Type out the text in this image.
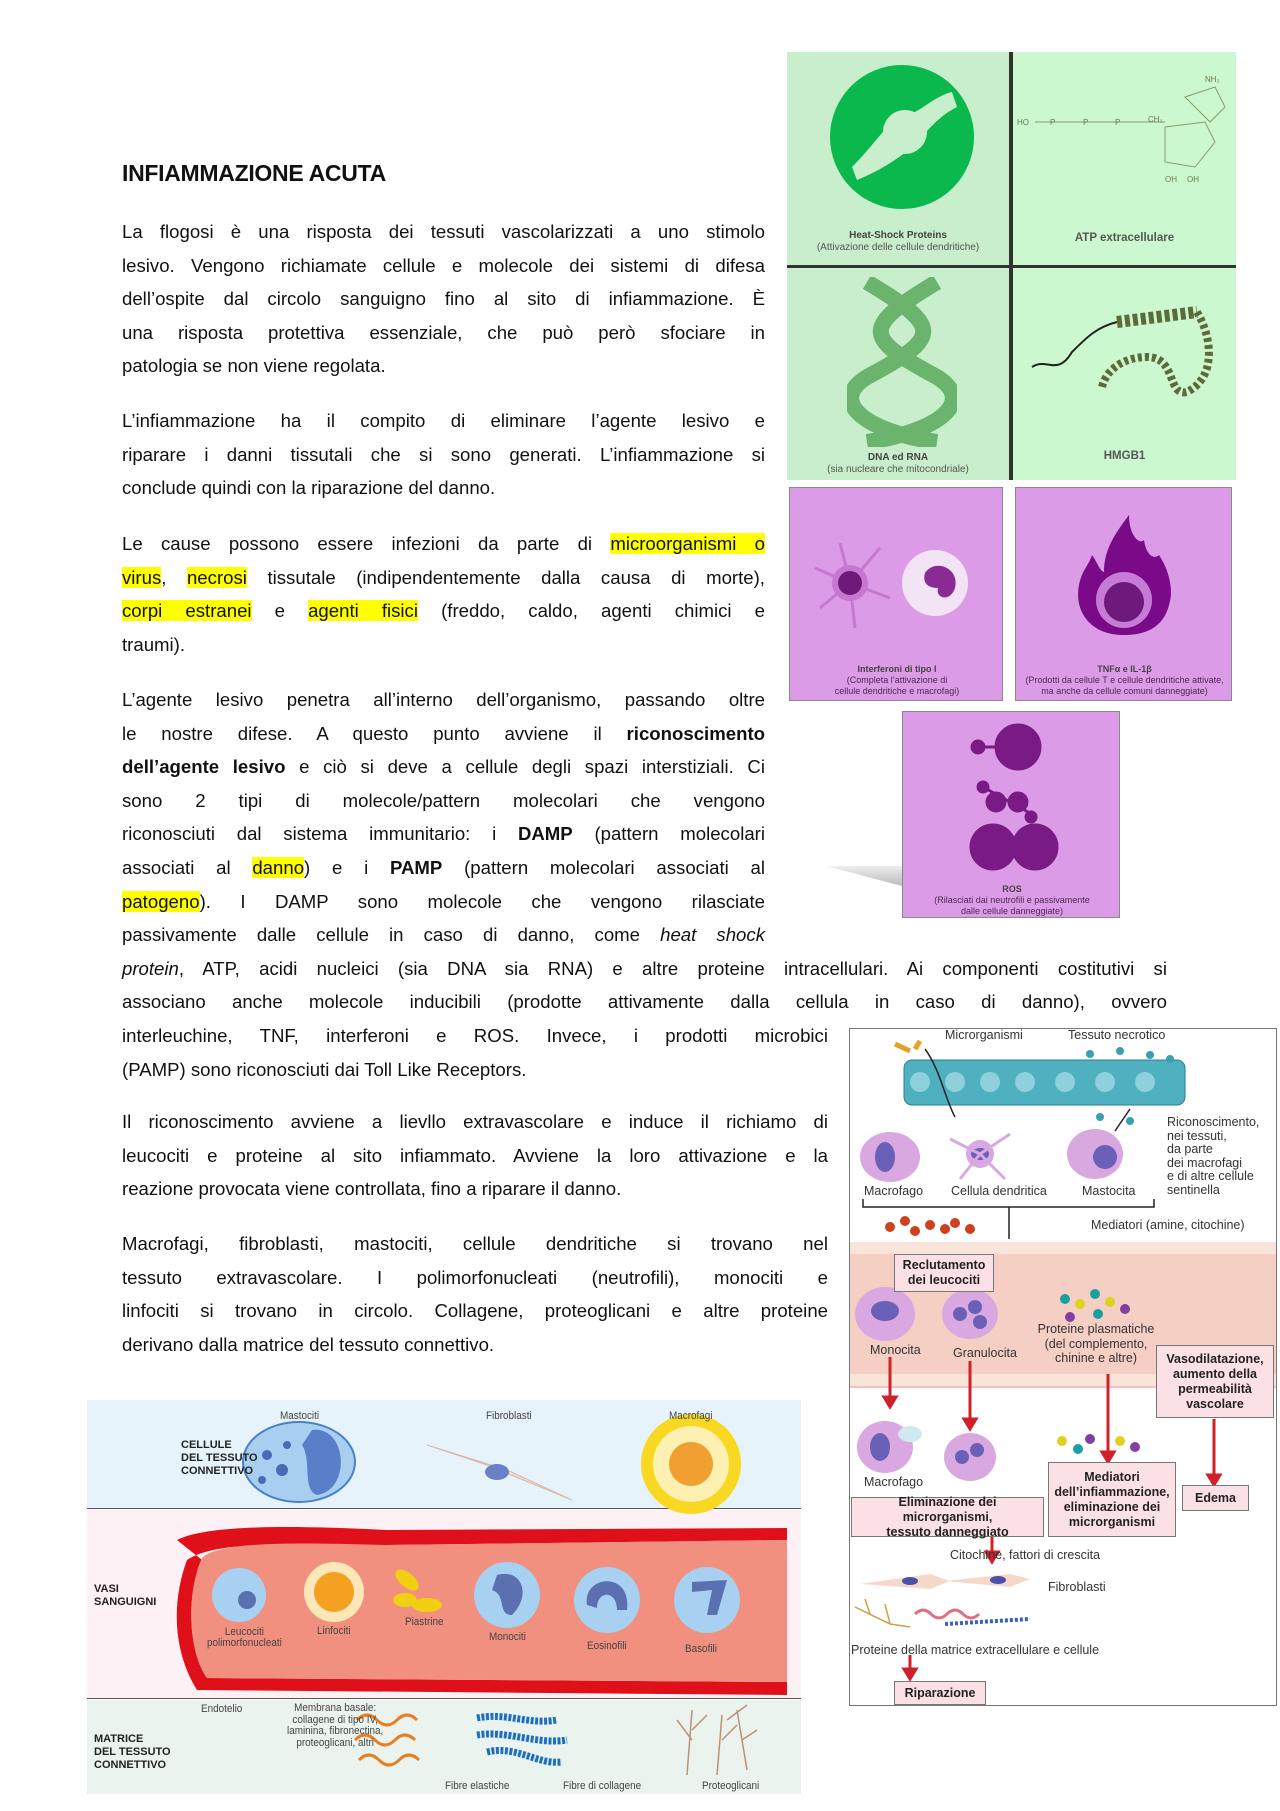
INFIAMMAZIONE ACUTA
La flogosi è una risposta dei tessuti vascolarizzati a uno stimolo
lesivo. Vengono richiamate cellule e molecole dei sistemi di difesa
dell’ospite dal circolo sanguigno fino al sito di infiammazione. È
una risposta protettiva essenziale, che può però sfociare in
patologia se non viene regolata.
L’infiammazione ha il compito di eliminare l’agente lesivo e
riparare i danni tissutali che si sono generati. L’infiammazione si
conclude quindi con la riparazione del danno.
Le cause possono essere infezioni da parte di microorganismi o
virus, necrosi tissutale (indipendentemente dalla causa di morte),
corpi estranei e agenti fisici (freddo, caldo, agenti chimici e
traumi).
L’agente lesivo penetra all’interno dell’organismo, passando oltre
le nostre difese. A questo punto avviene il riconoscimento
dell’agente lesivo e ciò si deve a cellule degli spazi interstiziali. Ci
sono 2 tipi di molecole/pattern molecolari che vengono
riconosciuti dal sistema immunitario: i DAMP (pattern molecolari
associati al danno) e i PAMP (pattern molecolari associati al
patogeno). I DAMP sono molecole che vengono rilasciate
passivamente dalle cellule in caso di danno, come heat shock
protein, ATP, acidi nucleici (sia DNA sia RNA) e altre proteine intracellulari. Ai componenti costitutivi si
associano anche molecole inducibili (prodotte attivamente dalla cellula in caso di danno), ovvero
interleuchine, TNF, interferoni e ROS. Invece, i prodotti microbici
(PAMP) sono riconosciuti dai Toll Like Receptors.
Il riconoscimento avviene a lievllo extravascolare e induce il richiamo di
leucociti e proteine al sito infiammato. Avviene la loro attivazione e la
reazione provocata viene controllata, fino a riparare il danno.
Macrofagi, fibroblasti, mastociti, cellule dendritiche si trovano nel
tessuto extravascolare. I polimorfonucleati (neutrofili), monociti e
linfociti si trovano in circolo. Collagene, proteoglicani e altre proteine
derivano dalla matrice del tessuto connettivo.
Heat-Shock Proteins
(Attivazione delle cellule dendritiche)
HO	P	P	P	CH₂
NH₂
OH OH
ATP extracellulare
DNA ed RNA
(sia nucleare che mitocondriale)
HMGB1
Interferoni di tipo I
(Completa l’attivazione di
cellule dendritiche e macrofagi)
TNFα e IL-1β
(Prodotti da cellule T e cellule dendritiche attivate,
ma anche da cellule comuni danneggiate)
ROS
(Rilasciati dai neutrofili e passivamente
dalle cellule danneggiate)
Microrganismi	Tessuto necrotico
Riconoscimento,
nei tessuti,
da parte
dei macrofagi
e di altre cellule
sentinella
Macrofago Cellula dendritica	Mastocita
Mediatori (amine, citochine)
Reclutamento
dei leucociti
Monocita	Granulocita
Proteine plasmatiche
(del complemento,
chinine e altre)	Vasodilatazione,
aumento della
permeabilità
vascolare
Macrofago
Eliminazione dei microrganismi,
tessuto danneggiato
Mediatori
dell’infiammazione,
eliminazione dei
microrganismi
Edema
Citochine, fattori di crescita
Fibroblasti
Proteine della matrice extracellulare e cellule
Riparazione
CELLULE
DEL TESSUTO
CONNETTIVO
VASI
SANGUIGNI
MATRICE
DEL TESSUTO
CONNETTIVO
Mastociti	Fibroblasti	Macrofagi
Leucociti
polimorfonucleati
Linfociti
Piastrine
Monociti
Eosinofili	Basofili
Endotelio	Membrana basale:
collagene di tipo IV,
laminina, fibronectina,
proteoglicani, altri
Fibre elastiche	Fibre di collagene	Proteoglicani
